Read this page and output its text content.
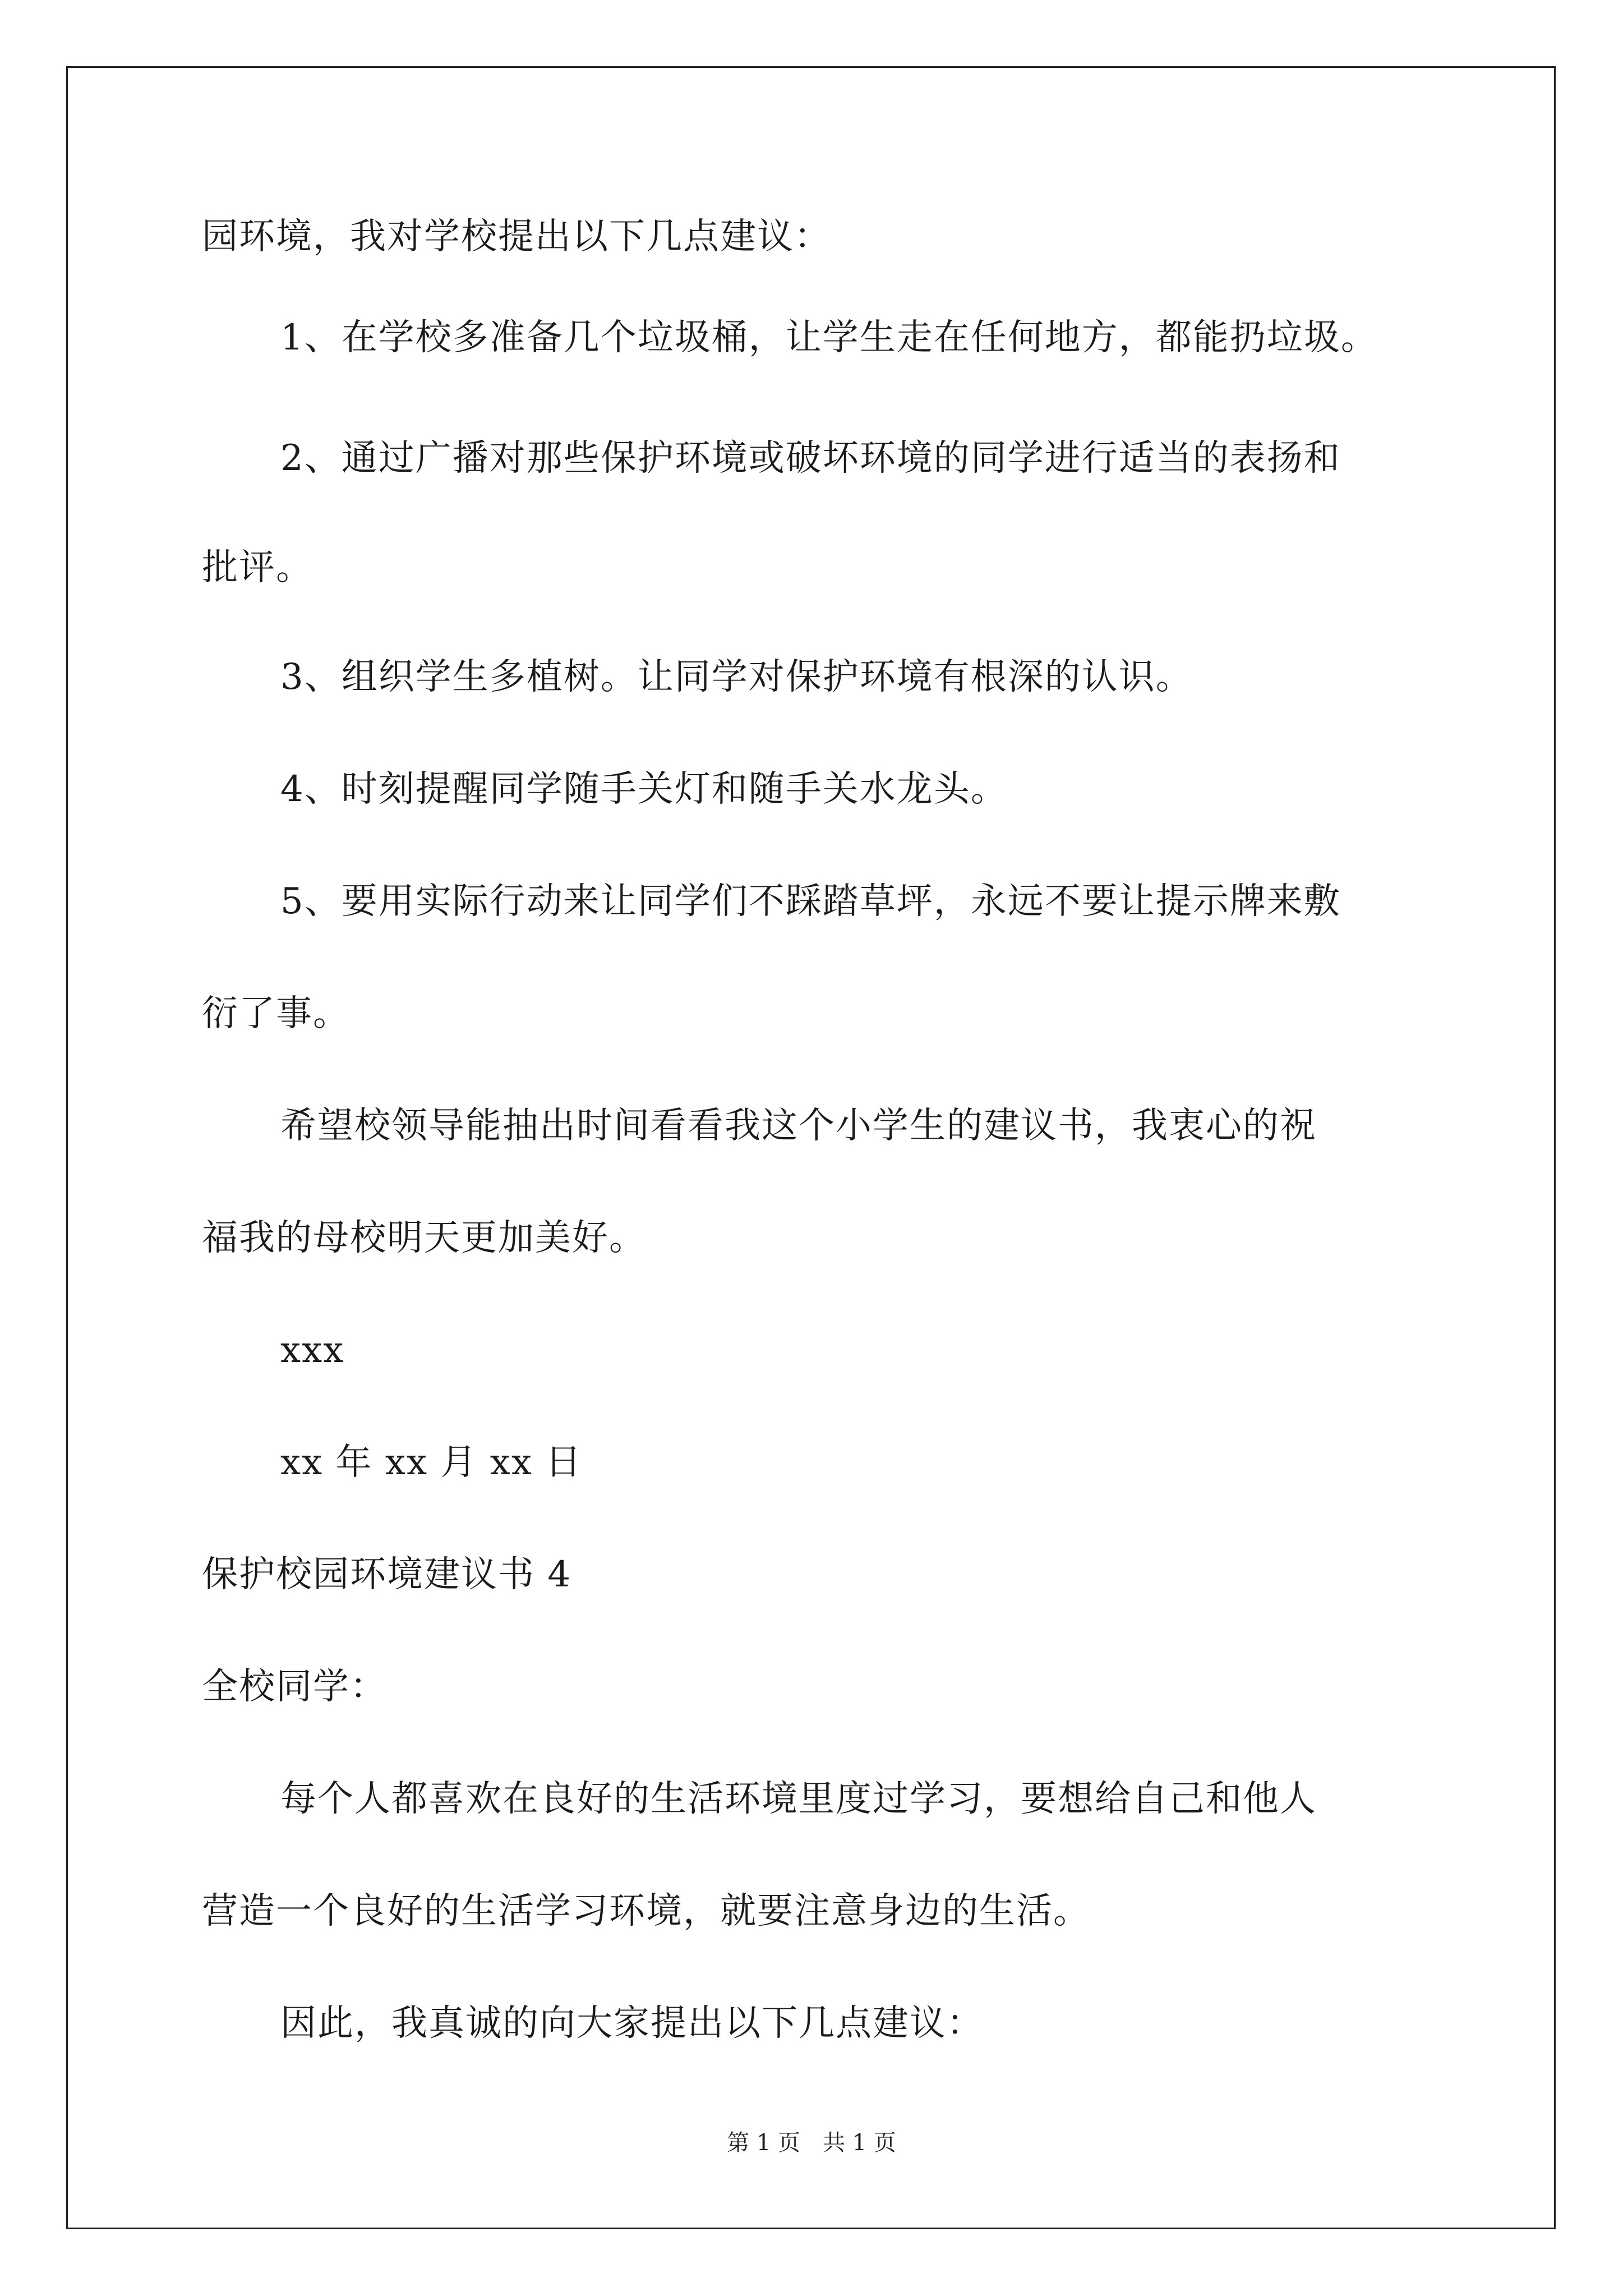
园环境，我对学校提出以下几点建议：
1、在学校多准备几个垃圾桶，让学生走在任何地方，都能扔垃圾。
2、通过广播对那些保护环境或破坏环境的同学进行适当的表扬和
批评。
3、组织学生多植树。让同学对保护环境有根深的认识。
4、时刻提醒同学随手关灯和随手关水龙头。
5、要用实际行动来让同学们不踩踏草坪，永远不要让提示牌来敷
衍了事。
希望校领导能抽出时间看看我这个小学生的建议书，我衷心的祝
福我的母校明天更加美好。
xxx
xx 年 xx 月 xx 日
保护校园环境建议书 4
全校同学：
每个人都喜欢在良好的生活环境里度过学习，要想给自己和他人
营造一个良好的生活学习环境，就要注意身边的生活。
因此，我真诚的向大家提出以下几点建议：
第 1 页 共 1 页
